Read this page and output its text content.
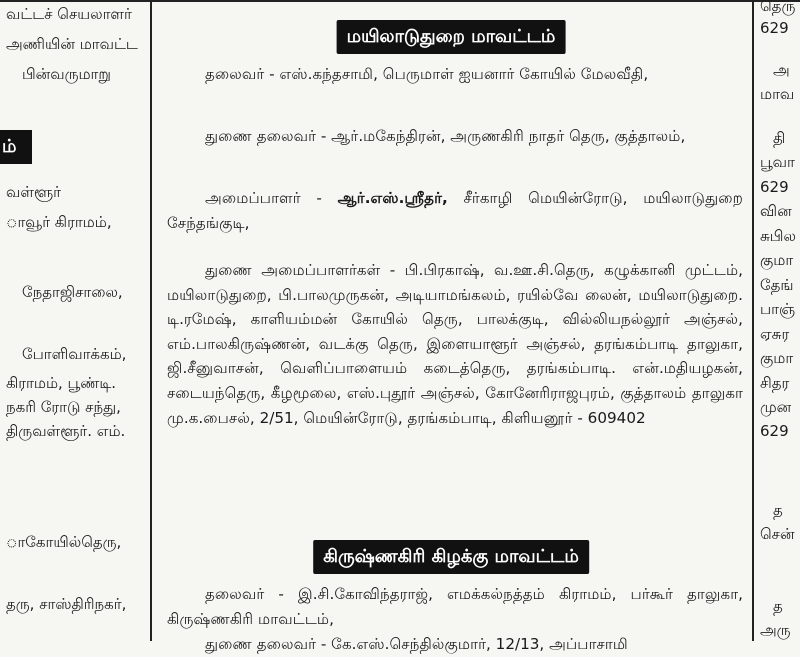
வட்டச் செயலாளர்
அணியின் மாவட்ட
பின்வருமாறு
ம்
வள்ளூர்
ாவூர் கிராமம்,
நேதாஜிசாலை,
போளிவாக்கம்,
கிராமம், பூண்டி.
நகரி ரோடு சந்து,
திருவள்ளூர். எம்.
ாகோயில்தெரு,
தரு, சாஸ்திரிநகர்,
மயிலாடுதுறை மாவட்டம்

தலைவர் - எஸ்.கந்தசாமி, பெருமாள் ஐயனார் கோயில் மேலவீதி,

துணை தலைவர் - ஆர்.மகேந்திரன், அருணகிரி நாதர் தெரு, குத்தாலம்,

அமைப்பாளர் - ஆர்.எஸ்.ஸ்ரீதர், சீர்காழி மெயின்ரோடு, மயிலாடுதுறை சேந்தங்குடி,

துணை அமைப்பாளர்கள் - பி.பிரகாஷ், வ.ஊ.சி.தெரு, கழுக்கானி முட்டம், மயிலாடுதுறை, பி.பாலமுருகன், அடியாமங்கலம், ரயில்வே லைன், மயிலாடுதுறை. டி.ரமேஷ், காளியம்மன் கோயில் தெரு, பாலக்குடி, வில்லியநல்லூர் அஞ்சல், எம்.பாலகிருஷ்ணன், வடக்கு தெரு, இளையாளூர் அஞ்சல், தரங்கம்பாடி தாலுகா, ஜி.சீனுவாசன், வெளிப்பாளையம் கடைத்தெரு, தரங்கம்பாடி. என்.மதியழகன், சடையந்தெரு, கீழமூலை, எஸ்.புதூர் அஞ்சல், கோனேரிராஜபுரம், குத்தாலம் தாலுகா மு.க.பைசல், 2/51, மெயின்ரோடு, தரங்கம்பாடி, கிளியனூர் - 609402

கிருஷ்ணகிரி கிழக்கு மாவட்டம்

தலைவர் - இ.சி.கோவிந்தராஜ், எமக்கல்நத்தம் கிராமம், பர்கூர் தாலுகா, கிருஷ்ணகிரி மாவட்டம்,

துணை தலைவர் - கே.எஸ்.செந்தில்குமார், 12/13, அப்பாசாமி

தெரு
629
அ
மாவ
தி
பூவா
629
வின
சுபில
குமா
தேங்
பாஞ்
ஏசுர
குமா
சிதர
முன
629
த
சென்
த
அரு
